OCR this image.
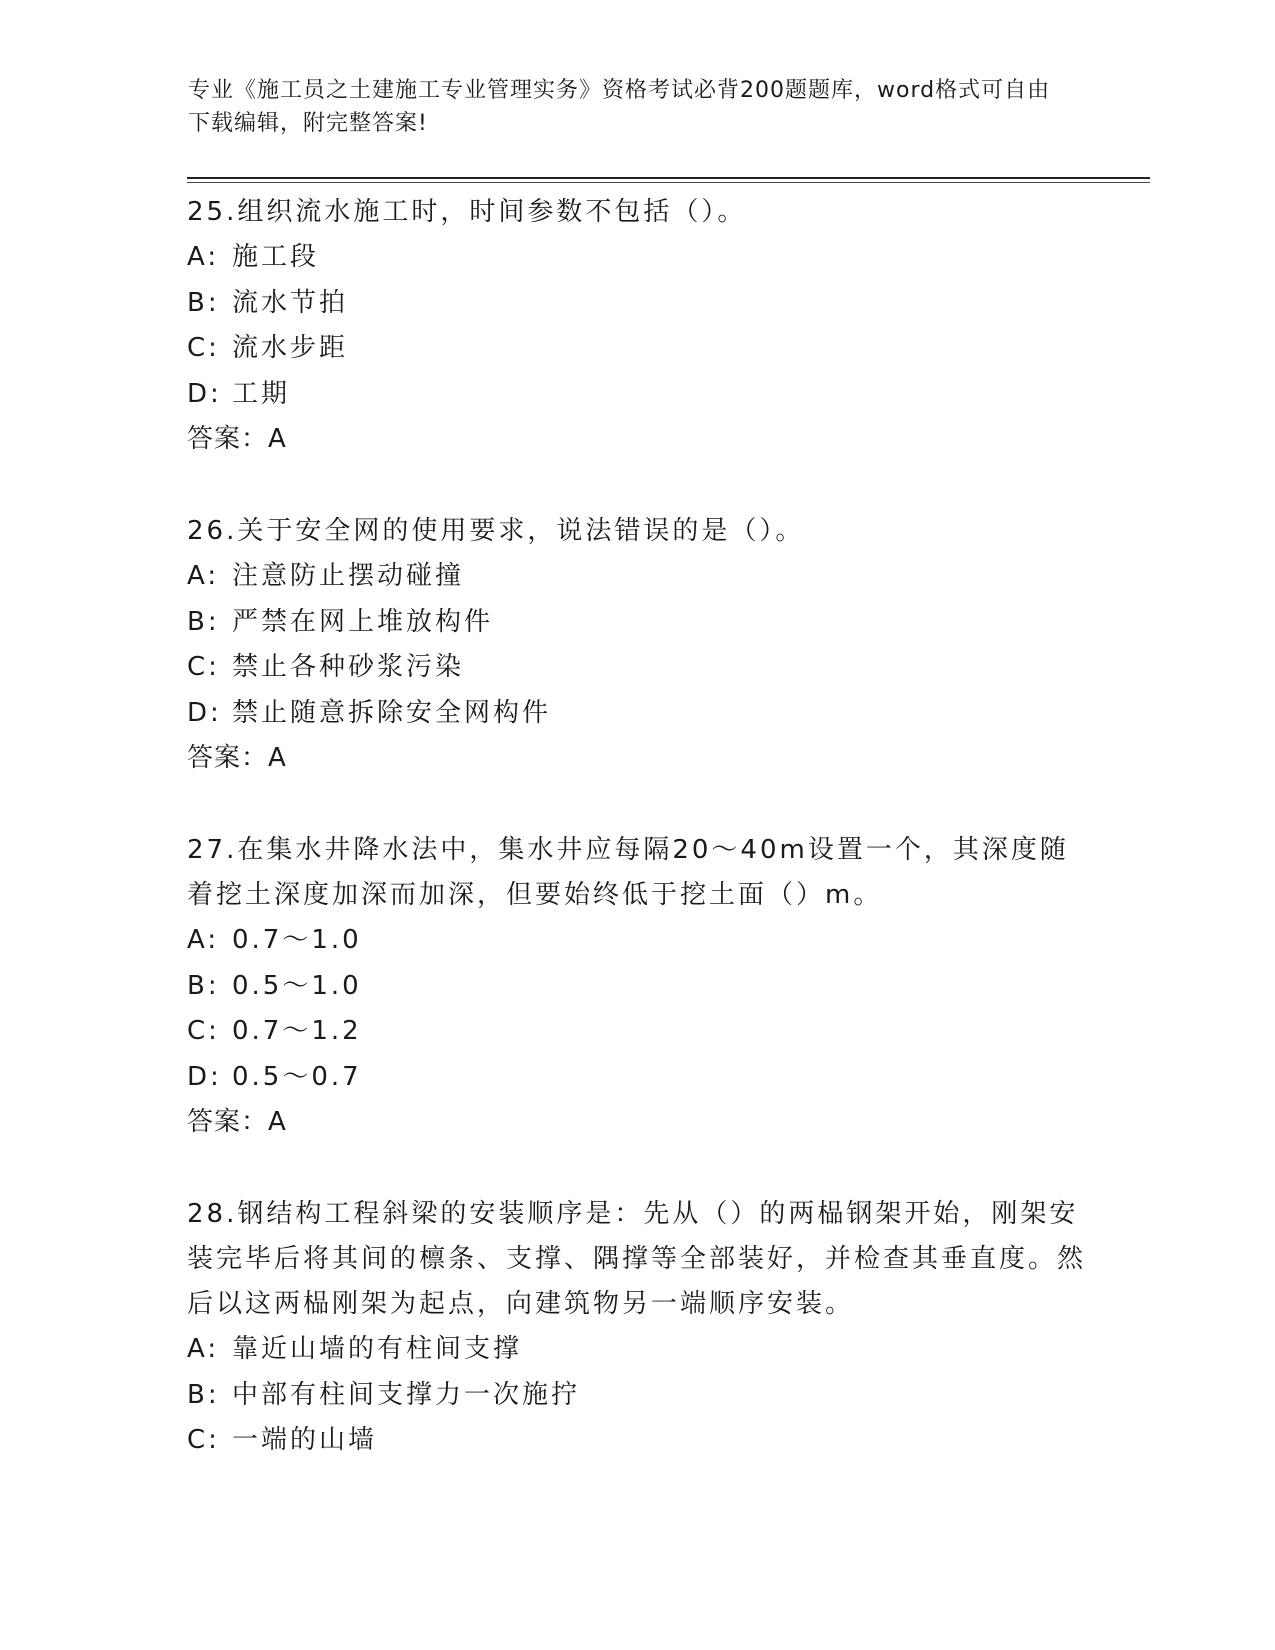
专业《施工员之土建施工专业管理实务》资格考试必背200题题库，word格式可自由下载编辑，附完整答案!
25.组织流水施工时，时间参数不包括（）。
A: 施工段
B: 流水节拍
C: 流水步距
D: 工期
答案：A
26.关于安全网的使用要求，说法错误的是（）。
A: 注意防止摆动碰撞
B: 严禁在网上堆放构件
C: 禁止各种砂浆污染
D: 禁止随意拆除安全网构件
答案：A
27.在集水井降水法中，集水井应每隔20～40m设置一个，其深度随着挖土深度加深而加深，但要始终低于挖土面（）m。
A: 0.7～1.0
B: 0.5～1.0
C: 0.7～1.2
D: 0.5～0.7
答案：A
28.钢结构工程斜梁的安装顺序是：先从（）的两榀钢架开始，刚架安装完毕后将其间的檩条、支撑、隅撑等全部装好，并检查其垂直度。然后以这两榀刚架为起点，向建筑物另一端顺序安装。
A: 靠近山墙的有柱间支撑
B: 中部有柱间支撑力一次施拧
C: 一端的山墙
